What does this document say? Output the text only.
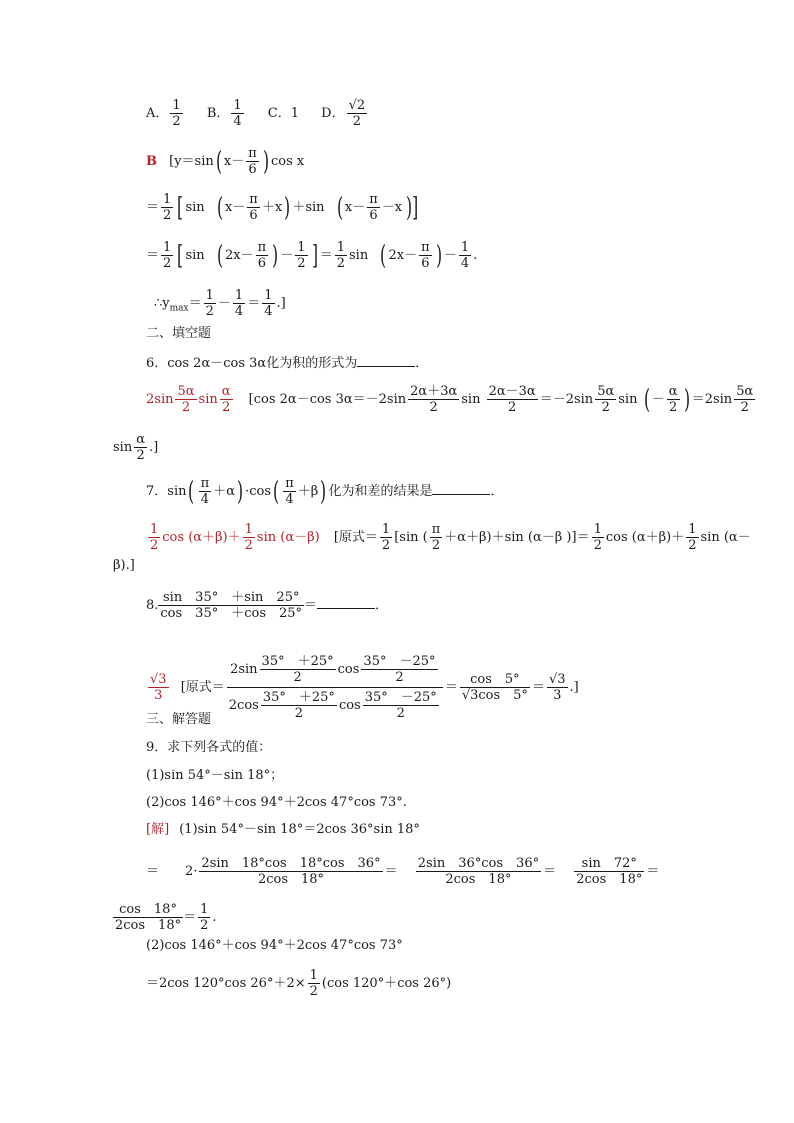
A． $\frac{1}{2}$ B． $\frac{1}{4}$ C．1 D． $\frac{√2}{2}$
B [y＝sin( $x- \frac{\pi}{6}$ ) cos x
＝ $\frac{1}{2}$ [ sin ( $x- \frac{\pi}{6} +x) +\sin$ ( $x- \frac{\pi}{6} -x$ )]
＝ $\frac{1}{2}$ [ sin ( $2x- \frac{\pi}{6}$ ) － $\frac{1}{2}$ ] ＝ $\frac{1}{2}$ sin ( $2x- \frac{\pi}{6}$ ) － $\frac{1}{4}$ .
$\therefore y_{max}= \frac{1}{2} - \frac{1}{4} = \frac{1}{4}$ .]
二、填空题
6．cos 2α－cos 3α化为积的形式为	．
$2\sin \frac{5\alpha}{2}$ $\sin \frac{\alpha}{2} [\cos$ 2α－cos $3\alpha=-2\sin \frac{2\alpha+3\alpha}{2}$ $\sin \frac{2\alpha-3\alpha}{2} =-2\sin \frac{5\alpha}{2}$ sin ( － $\frac{\alpha}{2}$ ) $=2\sin \frac{5\alpha}{2}$
$\sin \frac{\alpha}{2}$ .]
7．$\sin( \frac{\pi}{4} +\alpha) \cdot\cos( \frac{\pi}{4} +\beta)$ 化为和差的结果是	．
$\frac{1}{2}$ $\cos (\alpha+\beta)+ \frac{1}{2}$ sin (α－β) [原式＝ $\frac{1}{2} [\sin$ ( $\frac{\pi}{2} +\alpha+\beta)+\sin$ (α－β )]＝ $\frac{1}{2}$ $\cos (\alpha+\beta)+ \frac{1}{2}$ sin (α－
β).]
8. $\frac{\sin 35^\circ +\sin 25^\circ}{\cos 35^\circ +\cos 25^\circ}$ ＝	．
$\frac{√3}{3}$ [原式＝ $\frac{2\sin \frac{35^\circ +25^\circ}{2} \cos \frac{35^\circ -25^\circ}{2}}{2\cos \frac{35^\circ +25^\circ}{2} \cos \frac{35^\circ -25^\circ}{2}} = \frac{\cos 5^\circ}{√3\cos 5^\circ} = \frac{√3}{3}$ .]
三、解答题
9．求下列各式的值：
(1)sin 54°－sin 18°；
(2)cos 146°＋cos 94°＋2cos 47°cos 73°.
[解] (1)sin 54°－sin 18°＝2cos 36°sin 18°
＝ $2\cdot \frac{2\sin 18^\circ\cos 18^\circ\cos 36^\circ}{2\cos 18^\circ} = \frac{2\sin 36^\circ\cos 36^\circ}{2\cos 18^\circ} = \frac{\sin 72^\circ}{2\cos 18^\circ}$ ＝
$\frac{\cos 18^\circ}{2\cos 18^\circ} = \frac{1}{2}$ .
(2)cos 146°＋cos 94°＋2cos 47°cos 73°
＝2cos 120°cos $26^\circ+2\times \frac{1}{2} (\cos$ 120°＋cos 26°)
